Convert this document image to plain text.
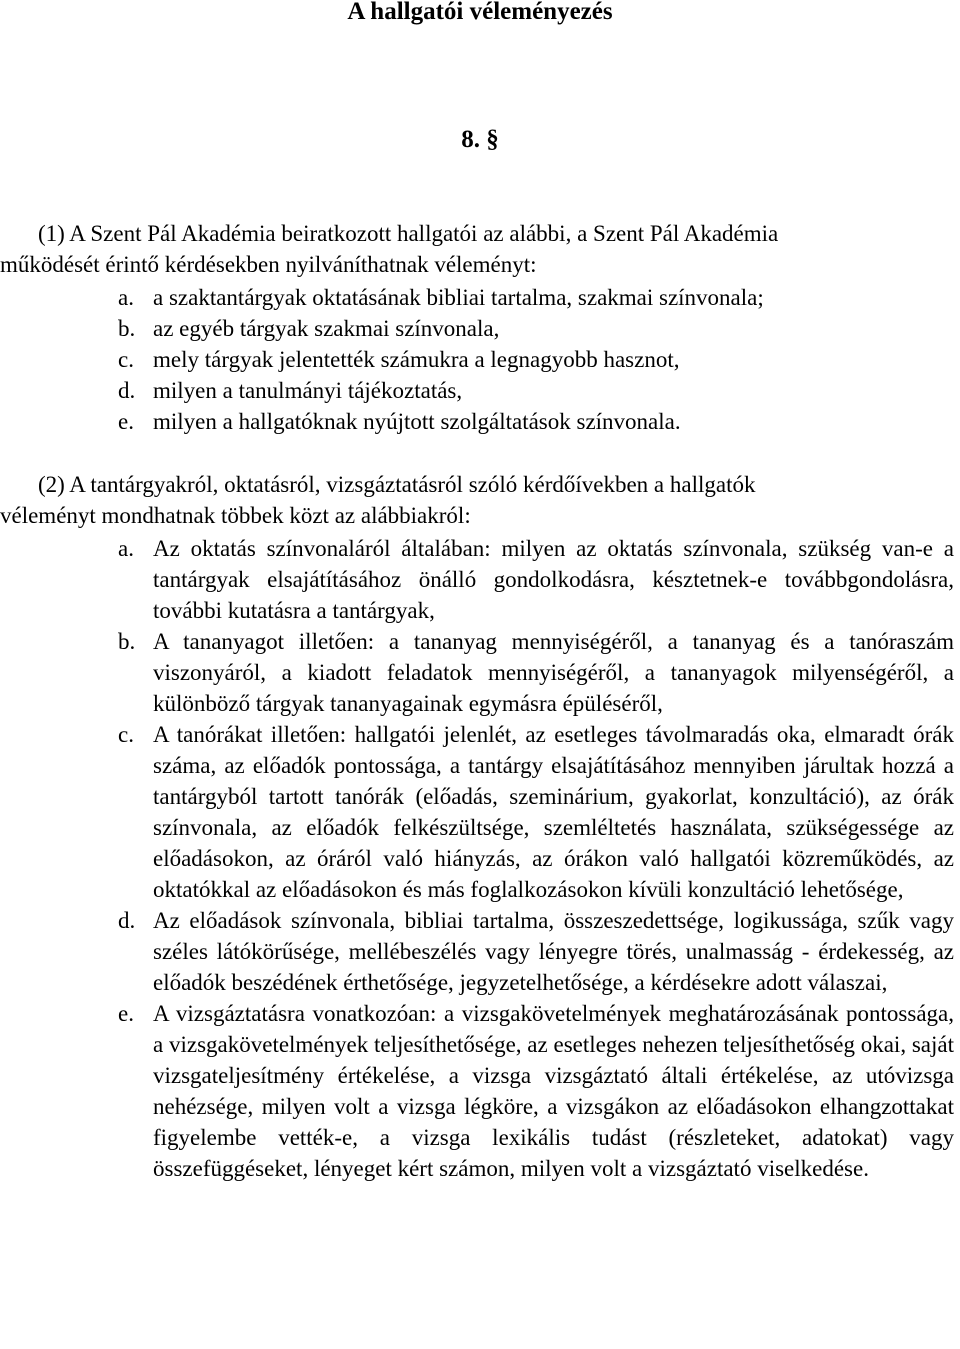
A hallgatói véleményezés
8. §

(1) A Szent Pál Akadémia beiratkozott hallgatói az alábbi, a Szent Pál Akadémia
működését érintő kérdésekben nyilváníthatnak véleményt:

a. a szaktantárgyak oktatásának bibliai tartalma, szakmai színvonala;
b. az egyéb tárgyak szakmai színvonala,
c. mely tárgyak jelentették számukra a legnagyobb hasznot,
d. milyen a tanulmányi tájékoztatás,
e. milyen a hallgatóknak nyújtott szolgáltatások színvonala.

(2) A tantárgyakról, oktatásról, vizsgáztatásról szóló kérdőívekben a hallgatók
véleményt mondhatnak többek közt az alábbiakról:

a. Az oktatás színvonaláról általában: milyen az oktatás színvonala, szükség van-e a tantárgyak elsajátításához önálló gondolkodásra, késztetnek-e továbbgondolásra, további kutatásra a tantárgyak,
b. A tananyagot illetően: a tananyag mennyiségéről, a tananyag és a tanóraszám viszonyáról, a kiadott feladatok mennyiségéről, a tananyagok milyenségéről, a különböző tárgyak tananyagainak egymásra épüléséről,
c. A tanórákat illetően: hallgatói jelenlét, az esetleges távolmaradás oka, elmaradt órák száma, az előadók pontossága, a tantárgy elsajátításához mennyiben járultak hozzá a tantárgyból tartott tanórák (előadás, szeminárium, gyakorlat, konzultáció), az órák színvonala, az előadók felkészültsége, szemléltetés használata, szükségessége az előadásokon, az óráról való hiányzás, az órákon való hallgatói közreműködés, az oktatókkal az előadásokon és más foglalkozásokon kívüli konzultáció lehetősége,
d. Az előadások színvonala, bibliai tartalma, összeszedettsége, logikussága, szűk vagy széles látókörűsége, mellébeszélés vagy lényegre törés, unalmasság - érdekesség, az előadók beszédének érthetősége, jegyzetelhetősége, a kérdésekre adott válaszai,
e. A vizsgáztatásra vonatkozóan: a vizsgakövetelmények meghatározásának pontossága, a vizsgakövetelmények teljesíthetősége, az esetleges nehezen teljesíthetőség okai, saját vizsgateljesítmény értékelése, a vizsga vizsgáztató általi értékelése, az utóvizsga nehézsége, milyen volt a vizsga légköre, a vizsgákon az előadásokon elhangzottakat figyelembe vették-e, a vizsga lexikális tudást (részleteket, adatokat) vagy összefüggéseket, lényeget kért számon, milyen volt a vizsgáztató viselkedése.
